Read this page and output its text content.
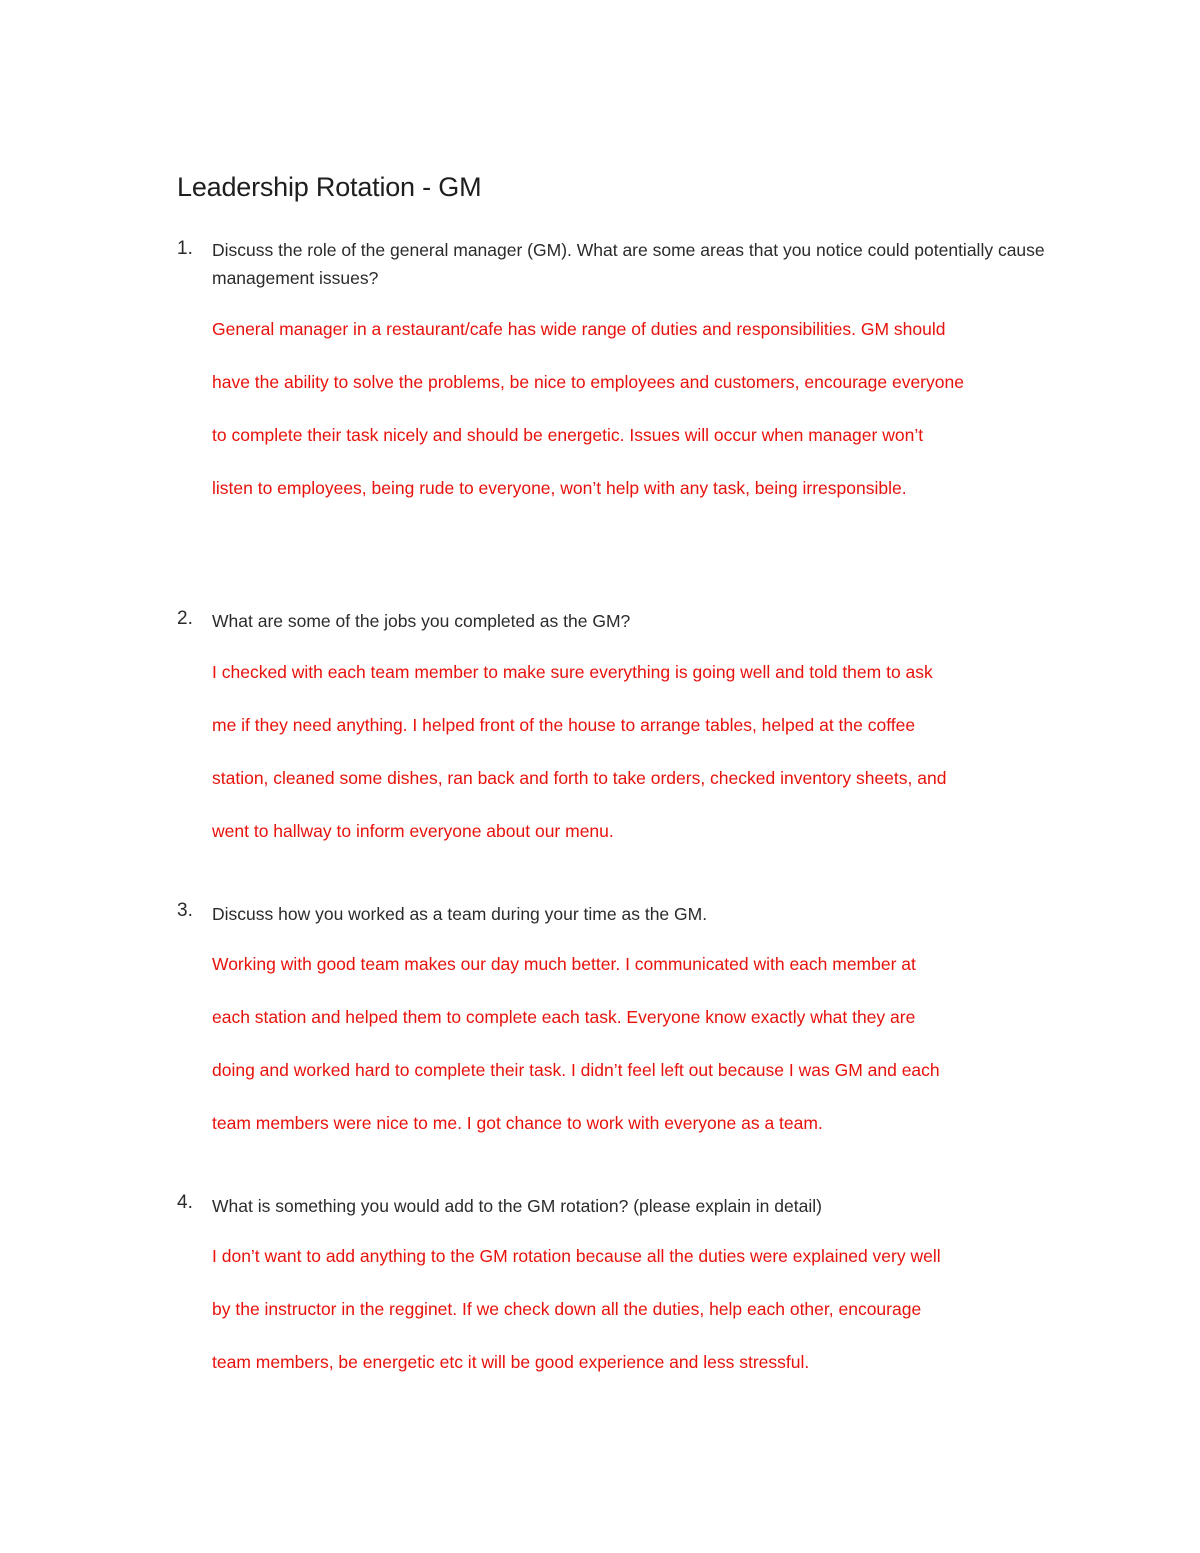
Leadership Rotation - GM
1. Discuss the role of the general manager (GM). What are some areas that you notice could potentially cause management issues?
General manager in a restaurant/cafe has wide range of duties and responsibilities. GM should
have the ability to solve the problems, be nice to employees and customers, encourage everyone
to complete their task nicely and should be energetic. Issues will occur when manager won’t
listen to employees, being rude to everyone, won’t help with any task, being irresponsible.
2. What are some of the jobs you completed as the GM?
I checked with each team member to make sure everything is going well and told them to ask
me if they need anything. I helped front of the house to arrange tables, helped at the coffee
station, cleaned some dishes, ran back and forth to take orders, checked inventory sheets, and
went to hallway to inform everyone about our menu.
3. Discuss how you worked as a team during your time as the GM.
Working with good team makes our day much better. I communicated with each member at
each station and helped them to complete each task. Everyone know exactly what they are
doing and worked hard to complete their task. I didn’t feel left out because I was GM and each
team members were nice to me. I got chance to work with everyone as a team.
4. What is something you would add to the GM rotation? (please explain in detail)
I don’t want to add anything to the GM rotation because all the duties were explained very well
by the instructor in the regginet. If we check down all the duties, help each other, encourage
team members, be energetic etc it will be good experience and less stressful.
